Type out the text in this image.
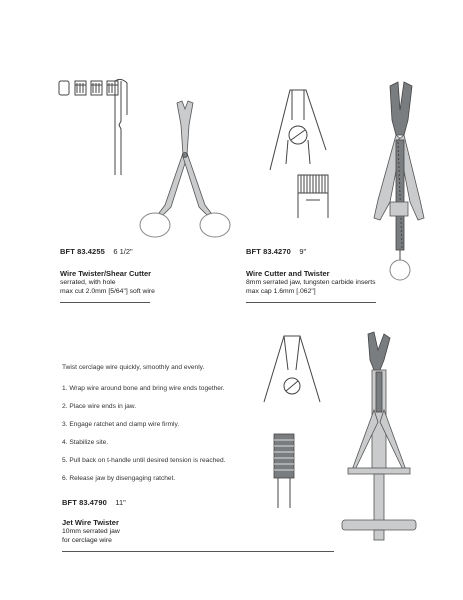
BFT 83.4255 6 1/2"
Wire Twister/Shear Cutter
serrated, with hole
max cut 2.0mm [5/64"] soft wire
BFT 83.4270 9"
Wire Cutter and Twister
8mm serrated jaw, tungsten carbide inserts
max cap 1.6mm [.062"]
Twist cerclage wire quickly, smoothly and evenly.
1. Wrap wire around bone and bring wire ends together.
2. Place wire ends in jaw.
3. Engage ratchet and clamp wire firmly.
4. Stabilize site.
5. Pull back on t-handle until desired tension is reached.
6. Release jaw by disengaging ratchet.
BFT 83.4790 11"
Jet Wire Twister
10mm serrated jaw
for cerclage wire
